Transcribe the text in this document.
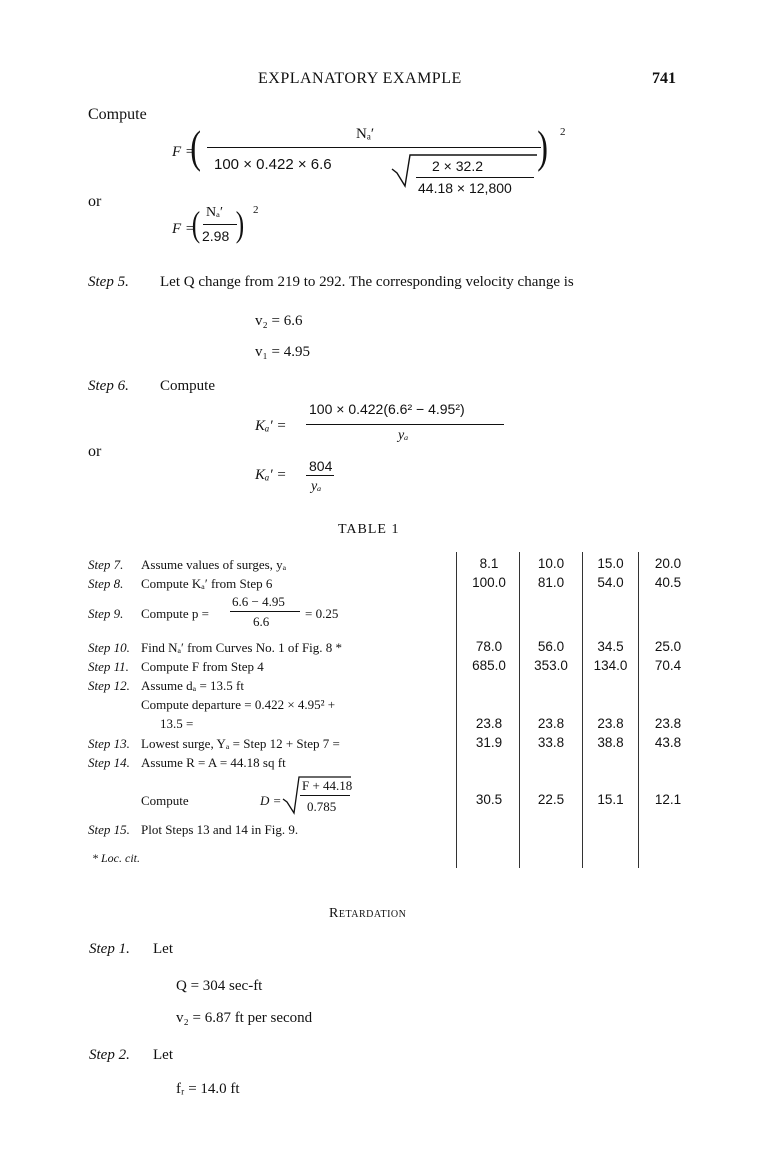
EXPLANATORY EXAMPLE	741
Compute
F =
(	Nₐ′
100 × 0.422 × 6.6	2 × 32.2
44.18 × 12,800
) 2
or
F =
( Nₐ′
2.98 ) 2
Step 5. Let Q change from 219 to 292. The corresponding velocity change is
v₂ = 6.6
v₁ = 4.95
Step 6. Compute
Kₐ′ =
100 × 0.422(6.6² − 4.95²)
yₐ
or
Kₐ′ =
804
yₐ
TABLE 1
Step 7. Assume values of surges, yₐ	8.1	10.0	15.0	20.0
Step 8. Compute Kₐ′ from Step 6	100.0	81.0	54.0	40.5
Step 9. Compute p =
6.6 − 4.95
6.6
= 0.25
Step 10. Find Nₐ′ from Curves No. 1 of Fig. 8 *	78.0	56.0	34.5	25.0
Step 11. Compute F from Step 4	685.0	353.0	134.0	70.4
Step 12. Assume dₐ = 13.5 ft
Compute departure = 0.422 × 4.95² +
13.5 =	23.8	23.8	23.8	23.8
Step 13. Lowest surge, Yₐ = Step 12 + Step 7 =	31.9	33.8	38.8	43.8
Step 14. Assume R = A = 44.18 sq ft
Compute	D =
F + 44.18
0.785	30.5	22.5	15.1	12.1
Step 15. Plot Steps 13 and 14 in Fig. 9.
* Loc. cit.
Retardation
Step 1. Let
Q = 304 sec-ft
v₂ = 6.87 ft per second
Step 2. Let
fᵣ = 14.0 ft
